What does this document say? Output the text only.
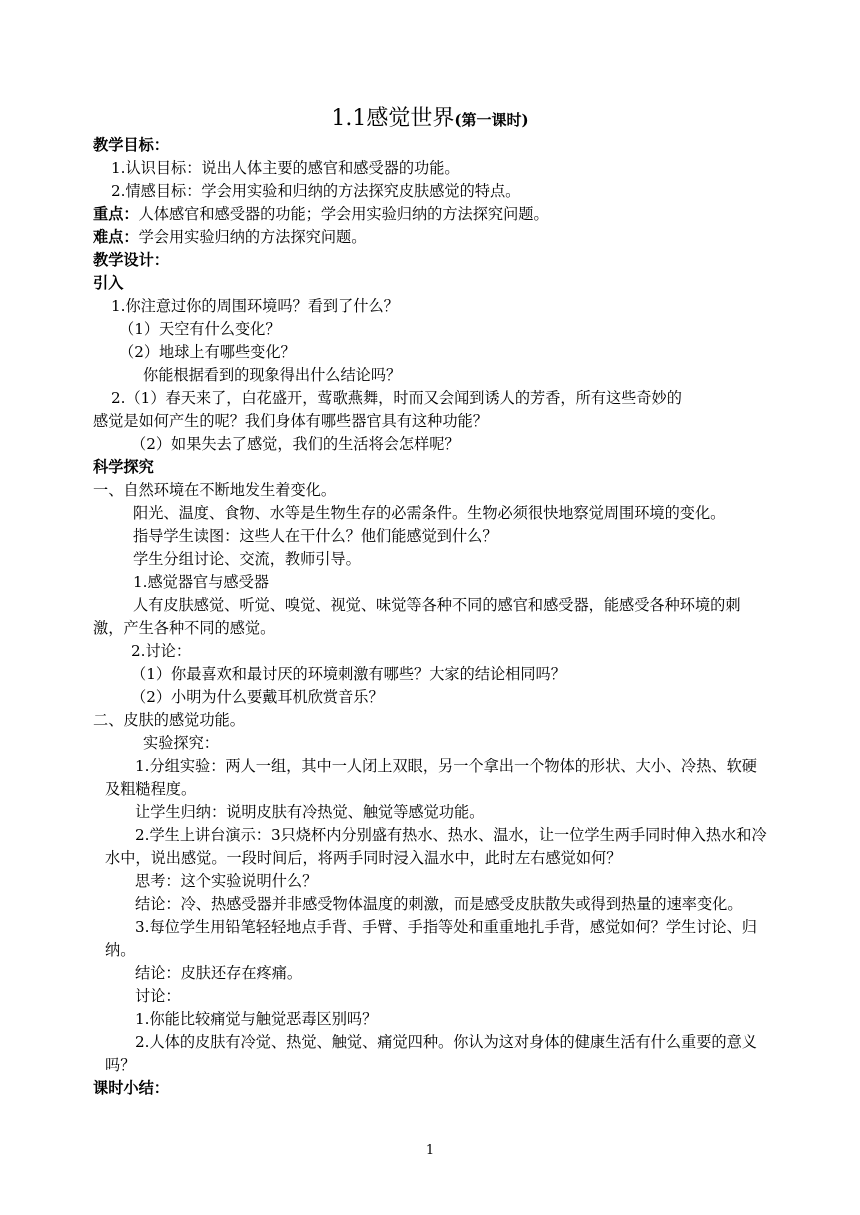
1.1感觉世界(第一课时)
教学目标：
1.认识目标：说出人体主要的感官和感受器的功能。
2.情感目标：学会用实验和归纳的方法探究皮肤感觉的特点。
重点：人体感官和感受器的功能；学会用实验归纳的方法探究问题。
难点：学会用实验归纳的方法探究问题。
教学设计：
引入
1.你注意过你的周围环境吗？看到了什么？
（1）天空有什么变化？
（2）地球上有哪些变化？
你能根据看到的现象得出什么结论吗？
2.（1）春天来了，白花盛开，莺歌燕舞，时而又会闻到诱人的芳香，所有这些奇妙的
感觉是如何产生的呢？我们身体有哪些器官具有这种功能？
（2）如果失去了感觉，我们的生活将会怎样呢？
科学探究
一、自然环境在不断地发生着变化。
阳光、温度、食物、水等是生物生存的必需条件。生物必须很快地察觉周围环境的变化。
指导学生读图：这些人在干什么？他们能感觉到什么？
学生分组讨论、交流，教师引导。
1.感觉器官与感受器
人有皮肤感觉、听觉、嗅觉、视觉、味觉等各种不同的感官和感受器，能感受各种环境的刺激，产生各种不同的感觉。
2.讨论：
（1）你最喜欢和最讨厌的环境刺激有哪些？大家的结论相同吗？
（2）小明为什么要戴耳机欣赏音乐？
二、皮肤的感觉功能。
实验探究：
1.分组实验：两人一组，其中一人闭上双眼，另一个拿出一个物体的形状、大小、冷热、软硬及粗糙程度。
让学生归纳：说明皮肤有冷热觉、触觉等感觉功能。
2.学生上讲台演示：3只烧杯内分别盛有热水、热水、温水，让一位学生两手同时伸入热水和冷水中，说出感觉。一段时间后，将两手同时浸入温水中，此时左右感觉如何？
思考：这个实验说明什么？
结论：冷、热感受器并非感受物体温度的刺激，而是感受皮肤散失或得到热量的速率变化。
3.每位学生用铅笔轻轻地点手背、手臂、手指等处和重重地扎手背，感觉如何？学生讨论、归纳。
结论：皮肤还存在疼痛。
讨论：
1.你能比较痛觉与触觉恶毒区别吗？
2.人体的皮肤有冷觉、热觉、触觉、痛觉四种。你认为这对身体的健康生活有什么重要的意义吗？
课时小结：
1
